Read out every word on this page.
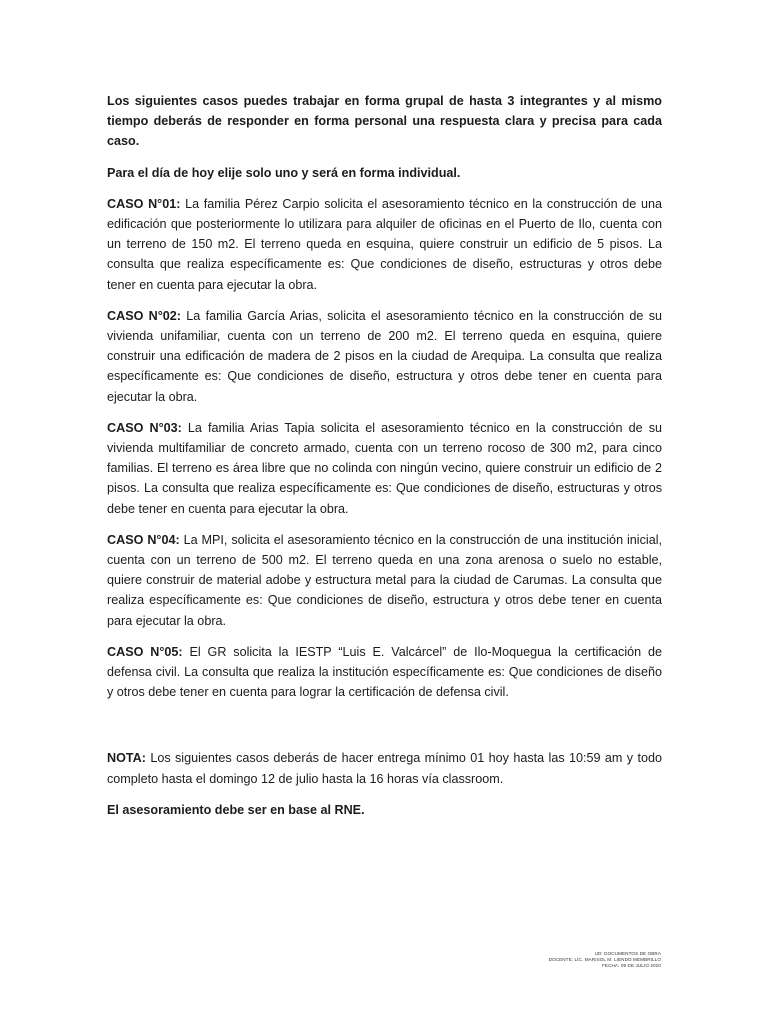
Los siguientes casos puedes trabajar en forma grupal de hasta 3 integrantes y al mismo tiempo deberás de responder en forma personal una respuesta clara y precisa para cada caso.

Para el día de hoy elije solo uno y será en forma individual.

CASO N°01: La familia Pérez Carpio solicita el asesoramiento técnico en la construcción de una edificación que posteriormente lo utilizara para alquiler de oficinas en el Puerto de Ilo, cuenta con un terreno de 150 m2. El terreno queda en esquina, quiere construir un edificio de 5 pisos. La consulta que realiza específicamente es: Que condiciones de diseño, estructuras y otros debe tener en cuenta para ejecutar la obra.

CASO N°02: La familia García Arias, solicita el asesoramiento técnico en la construcción de su vivienda unifamiliar, cuenta con un terreno de 200 m2. El terreno queda en esquina, quiere construir una edificación de madera de 2 pisos en la ciudad de Arequipa. La consulta que realiza específicamente es: Que condiciones de diseño, estructura y otros debe tener en cuenta para ejecutar la obra.

CASO N°03: La familia Arias Tapia solicita el asesoramiento técnico en la construcción de su vivienda multifamiliar de concreto armado, cuenta con un terreno rocoso de 300 m2, para cinco familias. El terreno es área libre que no colinda con ningún vecino, quiere construir un edificio de 2 pisos. La consulta que realiza específicamente es: Que condiciones de diseño, estructuras y otros debe tener en cuenta para ejecutar la obra.

CASO N°04: La MPI, solicita el asesoramiento técnico en la construcción de una institución inicial, cuenta con un terreno de 500 m2. El terreno queda en una zona arenosa o suelo no estable, quiere construir de material adobe y estructura metal para la ciudad de Carumas. La consulta que realiza específicamente es: Que condiciones de diseño, estructura y otros debe tener en cuenta para ejecutar la obra.

CASO N°05: El GR solicita la IESTP “Luis E. Valcárcel” de Ilo-Moquegua la certificación de defensa civil. La consulta que realiza la institución específicamente es: Que condiciones de diseño y otros debe tener en cuenta para lograr la certificación de defensa civil.

NOTA: Los siguientes casos deberás de hacer entrega mínimo 01 hoy hasta las 10:59 am y todo completo hasta el domingo 12 de julio hasta la 16 horas vía classroom.

El asesoramiento debe ser en base al RNE.

UD: DOCUMENTOS DE OBRA
DOCENTE: LIC. MARISOL M. LIENDO MEMBRILLO
FECHA: 09 DE JULIO 2020
